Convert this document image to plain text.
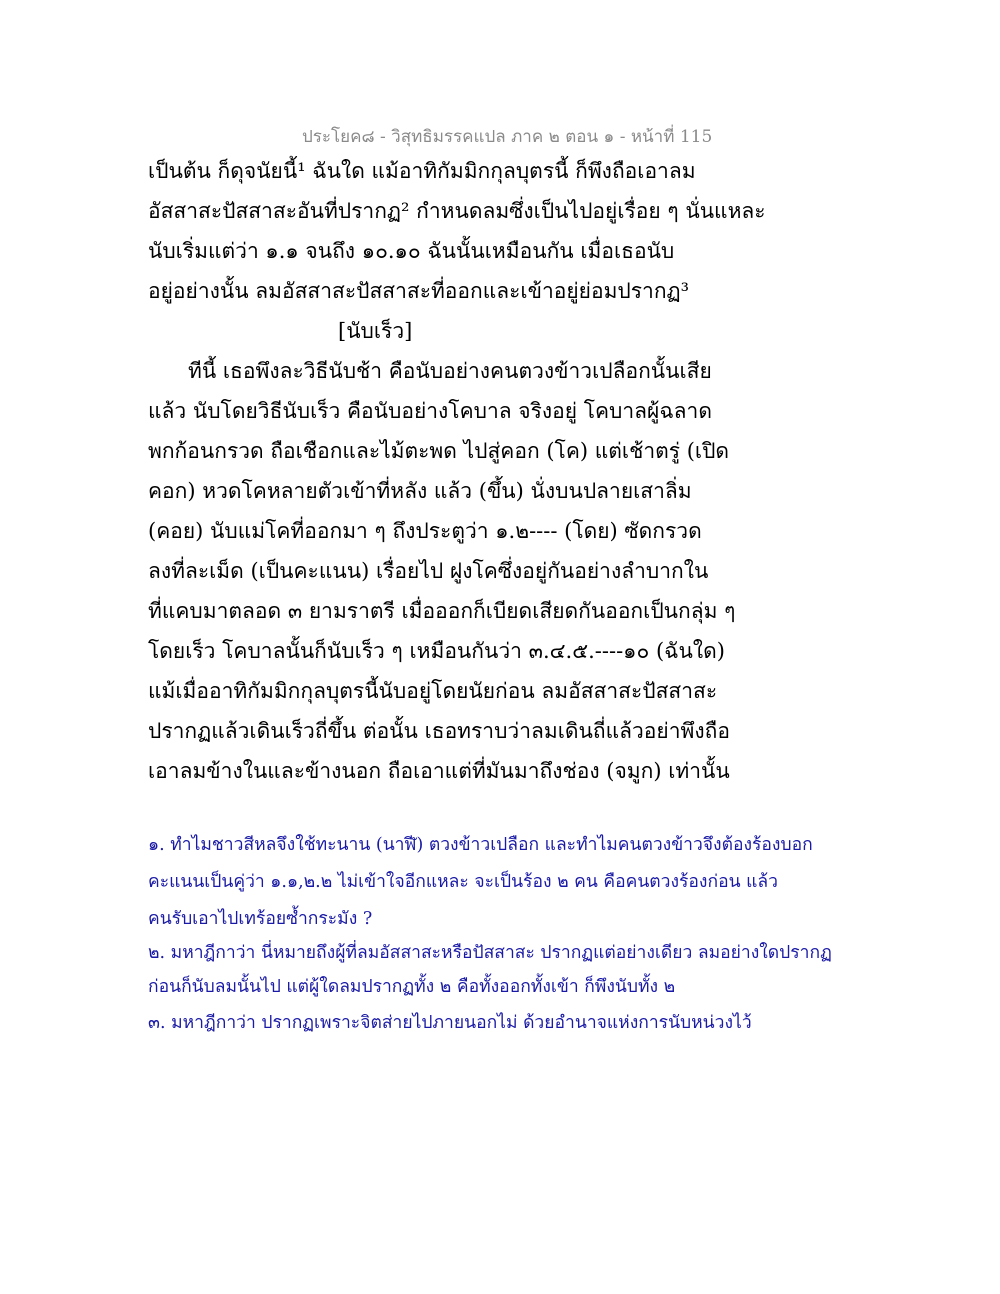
ประโยค๘ - วิสุทธิมรรคแปล ภาค ๒ ตอน ๑ - หน้าที่ 115
เป็นต้น ก็ดุจนัยนี้¹ ฉันใด แม้อาทิกัมมิกกุลบุตรนี้ ก็พึงถือเอาลม
อัสสาสะปัสสาสะอันที่ปรากฏ² กำหนดลมซึ่งเป็นไปอยู่เรื่อย ๆ นั่นแหละ
นับเริ่มแต่ว่า ๑.๑ จนถึง ๑๐.๑๐ ฉันนั้นเหมือนกัน เมื่อเธอนับ
อยู่อย่างนั้น ลมอัสสาสะปัสสาสะที่ออกและเข้าอยู่ย่อมปรากฏ³
[นับเร็ว]
ทีนี้ เธอพึงละวิธีนับช้า คือนับอย่างคนตวงข้าวเปลือกนั้นเสีย
แล้ว นับโดยวิธีนับเร็ว คือนับอย่างโคบาล จริงอยู่ โคบาลผู้ฉลาด
พกก้อนกรวด ถือเชือกและไม้ตะพด ไปสู่คอก (โค) แต่เช้าตรู่ (เปิด
คอก) หวดโคหลายตัวเข้าที่หลัง แล้ว (ขึ้น) นั่งบนปลายเสาลิ่ม
(คอย) นับแม่โคที่ออกมา ๆ ถึงประตูว่า ๑.๒---- (โดย) ซัดกรวด
ลงที่ละเม็ด (เป็นคะแนน) เรื่อยไป ฝูงโคซึ่งอยู่กันอย่างลำบากใน
ที่แคบมาตลอด ๓ ยามราตรี เมื่อออกก็เบียดเสียดกันออกเป็นกลุ่ม ๆ
โดยเร็ว โคบาลนั้นก็นับเร็ว ๆ เหมือนกันว่า ๓.๔.๕.----๑๐ (ฉันใด)
แม้เมื่ออาทิกัมมิกกุลบุตรนี้นับอยู่โดยนัยก่อน ลมอัสสาสะปัสสาสะ
ปรากฏแล้วเดินเร็วถี่ขึ้น ต่อนั้น เธอทราบว่าลมเดินถี่แล้วอย่าพึงถือ
เอาลมข้างในและข้างนอก ถือเอาแต่ที่มันมาถึงช่อง (จมูก) เท่านั้น
๑. ทำไมชาวสีหลจึงใช้ทะนาน (นาฬี) ตวงข้าวเปลือก และทำไมคนตวงข้าวจึงต้องร้องบอก
คะแนนเป็นคู่ว่า ๑.๑,๒.๒ ไม่เข้าใจอีกแหละ จะเป็นร้อง ๒ คน คือคนตวงร้องก่อน แล้ว
คนรับเอาไปเทร้อยซ้ำกระมัง ?
๒. มหาฎีกาว่า นี่หมายถึงผู้ที่ลมอัสสาสะหรือปัสสาสะ ปรากฏแต่อย่างเดียว ลมอย่างใดปรากฏ
ก่อนก็นับลมนั้นไป แต่ผู้ใดลมปรากฏทั้ง ๒ คือทั้งออกทั้งเข้า ก็พึงนับทั้ง ๒
๓. มหาฎีกาว่า ปรากฏเพราะจิตส่ายไปภายนอกไม่ ด้วยอำนาจแห่งการนับหน่วงไว้
